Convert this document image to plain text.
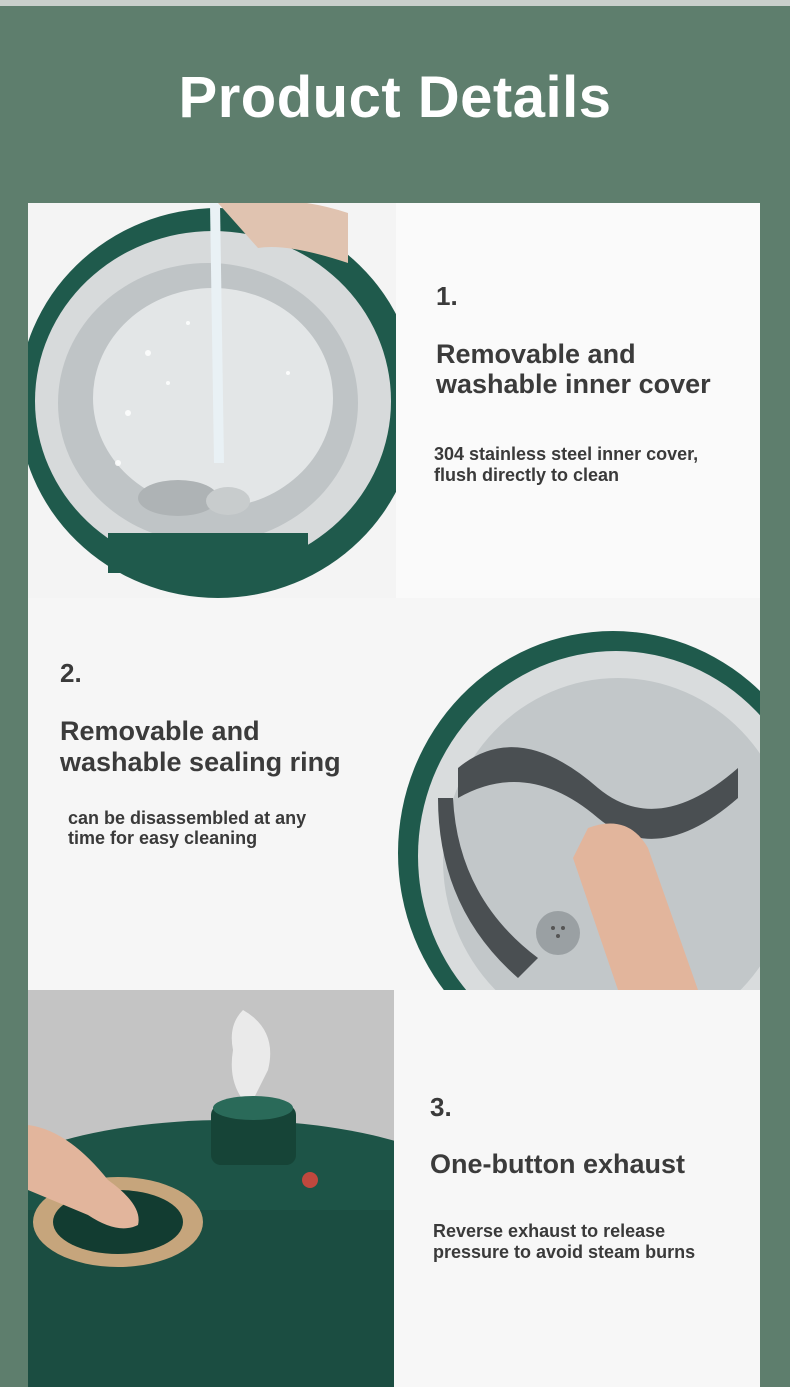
Product Details
1.
Removable and
washable inner cover
304 stainless steel inner cover,
flush directly to clean
2.
Removable and
washable sealing ring
can be disassembled at any
time for easy cleaning
3.
One-button exhaust
Reverse exhaust to release
pressure to avoid steam burns
